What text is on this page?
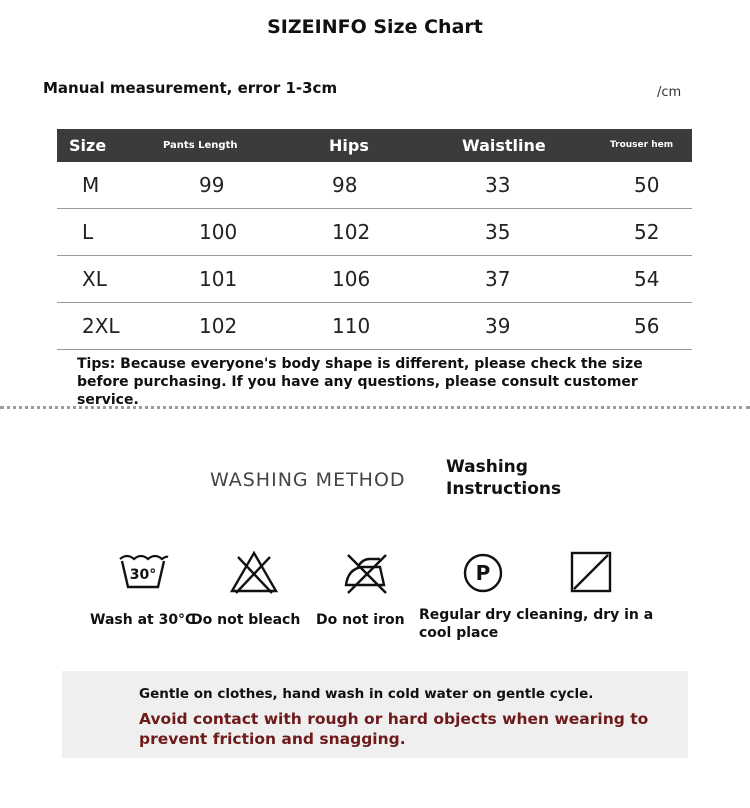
SIZEINFO Size Chart
Manual measurement, error 1-3cm	/cm
Size	Pants Length	Hips	Waistline	Trouser hem
M	99	98	33	50
L	100	102	35	52
XL	101	106	37	54
2XL	102	110	39	56
Tips: Because everyone's body shape is different, please check the size before purchasing. If you have any questions, please consult customer service.
WASHING METHOD
Washing Instructions
30°	P
Wash at 30°C
Do not bleach Do not iron Regular dry cleaning, dry in a cool place
Gentle on clothes, hand wash in cold water on gentle cycle.
Avoid contact with rough or hard objects when wearing to prevent friction and snagging.
